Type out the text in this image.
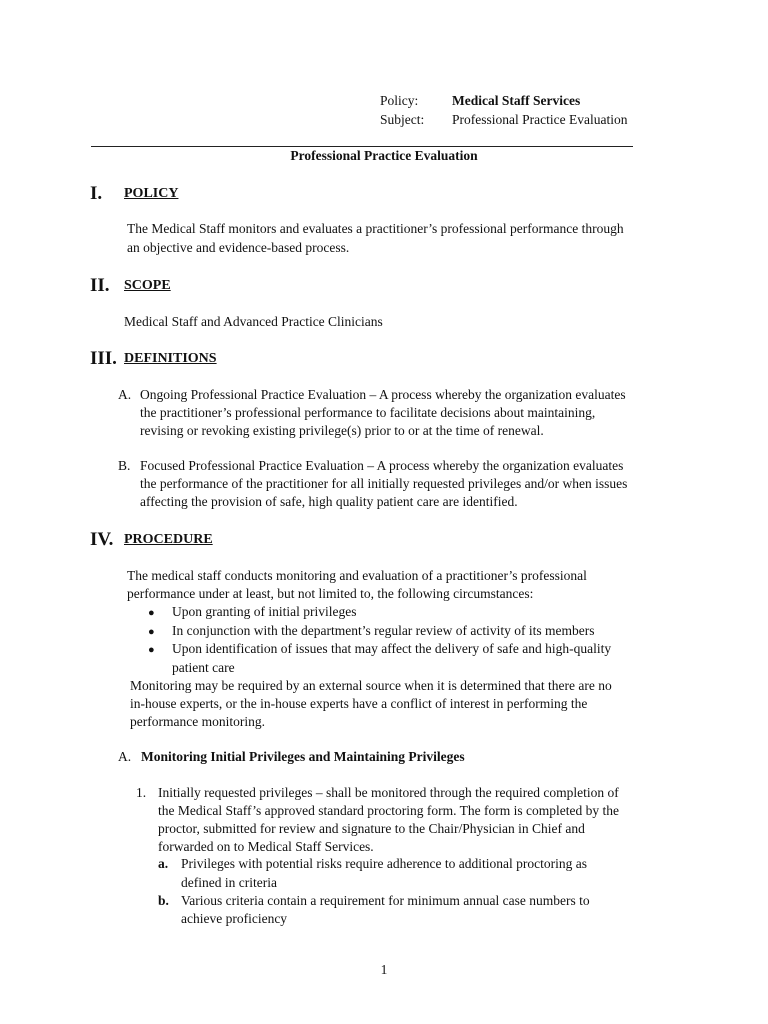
Policy: Medical Staff Services
Subject: Professional Practice Evaluation
Professional Practice Evaluation
I. POLICY
The Medical Staff monitors and evaluates a practitioner’s professional performance through
an objective and evidence-based process.
II. SCOPE
Medical Staff and Advanced Practice Clinicians
III. DEFINITIONS
A. Ongoing Professional Practice Evaluation – A process whereby the organization evaluates
the practitioner’s professional performance to facilitate decisions about maintaining,
revising or revoking existing privilege(s) prior to or at the time of renewal.
B. Focused Professional Practice Evaluation – A process whereby the organization evaluates
the performance of the practitioner for all initially requested privileges and/or when issues
affecting the provision of safe, high quality patient care are identified.
IV. PROCEDURE
The medical staff conducts monitoring and evaluation of a practitioner’s professional
performance under at least, but not limited to, the following circumstances:
● Upon granting of initial privileges
● In conjunction with the department’s regular review of activity of its members
● Upon identification of issues that may affect the delivery of safe and high-quality
patient care
Monitoring may be required by an external source when it is determined that there are no
in-house experts, or the in-house experts have a conflict of interest in performing the
performance monitoring.
A. Monitoring Initial Privileges and Maintaining Privileges
1. Initially requested privileges – shall be monitored through the required completion of
the Medical Staff’s approved standard proctoring form. The form is completed by the
proctor, submitted for review and signature to the Chair/Physician in Chief and
forwarded on to Medical Staff Services.
a. Privileges with potential risks require adherence to additional proctoring as
defined in criteria
b. Various criteria contain a requirement for minimum annual case numbers to
achieve proficiency
1
